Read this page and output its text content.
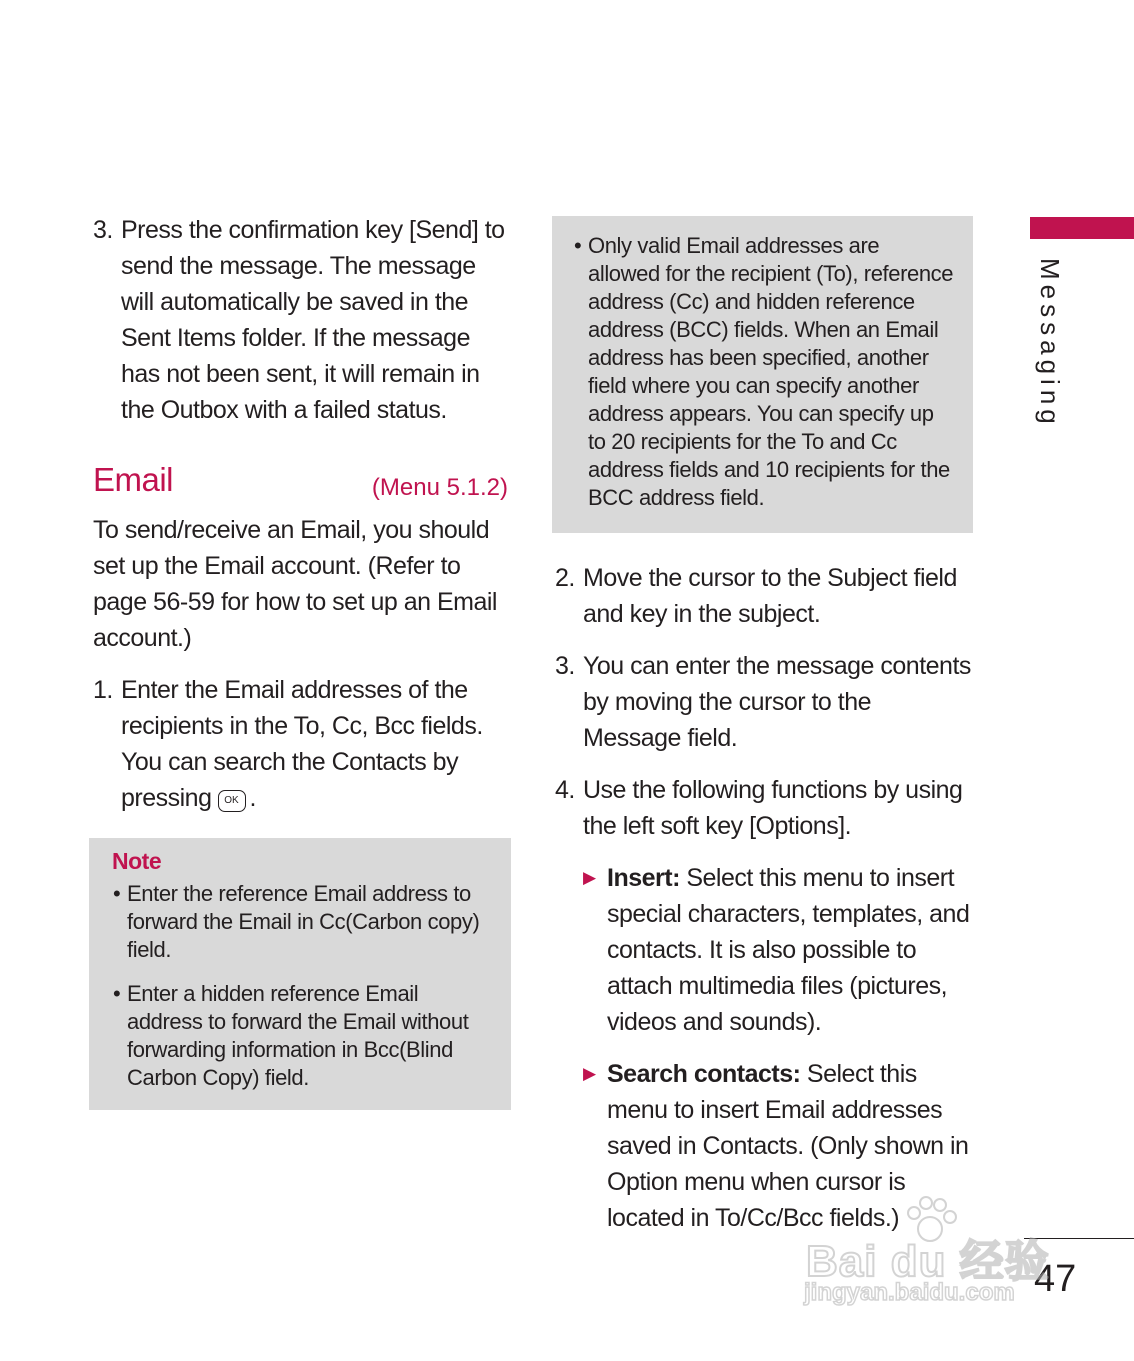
3. Press the confirmation key [Send] to send the message. The message will automatically be saved in the Sent Items folder. If the message has not been sent, it will remain in the Outbox with a failed status.
Email	(Menu 5.1.2)
To send/receive an Email, you should set up the Email account. (Refer to page 56-59 for how to set up an Email account.)
1. Enter the Email addresses of the recipients in the To, Cc, Bcc fields. You can search the Contacts by pressing OK .
Note
• Enter the reference Email address to forward the Email in Cc(Carbon copy) field.
• Enter a hidden reference Email address to forward the Email without forwarding information in Bcc(Blind Carbon Copy) field.
• Only valid Email addresses are allowed for the recipient (To), reference address (Cc) and hidden reference address (BCC) fields. When an Email address has been specified, another field where you can specify another address appears. You can specify up to 20 recipients for the To and Cc address fields and 10 recipients for the BCC address field.
2. Move the cursor to the Subject field and key in the subject.
3. You can enter the message contents by moving the cursor to the Message field.
4. Use the following functions by using the left soft key [Options].
▶ Insert: Select this menu to insert special characters, templates, and contacts. It is also possible to attach multimedia files (pictures, videos and sounds).
▶ Search contacts: Select this menu to insert Email addresses saved in Contacts. (Only shown in Option menu when cursor is located in To/Cc/Bcc fields.)
Messaging
47
Bai du 经验
jingyan.baidu.com
